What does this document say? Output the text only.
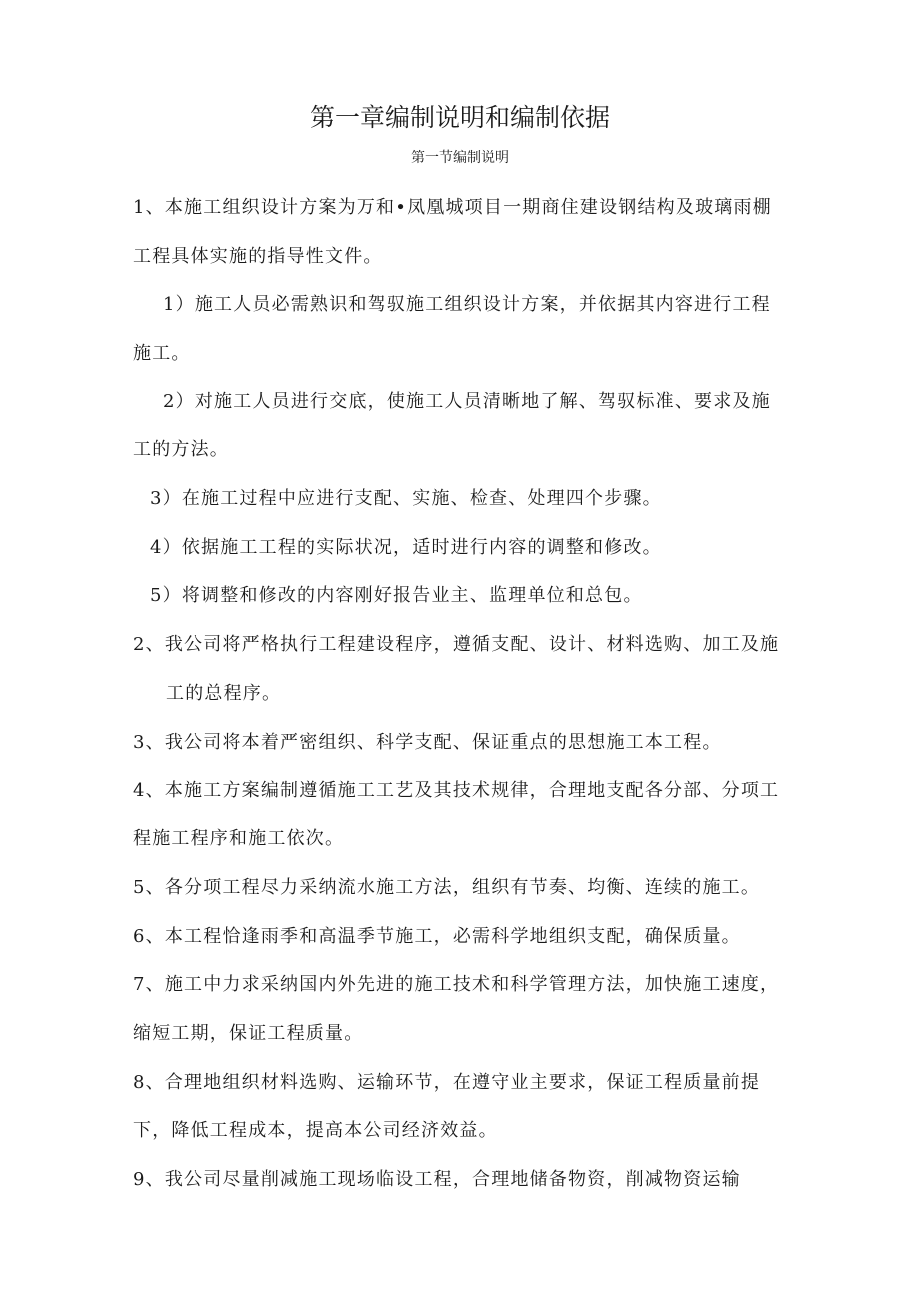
第一章编制说明和编制依据
第一节编制说明
1、本施工组织设计方案为万和•凤凰城项目一期商住建设钢结构及玻璃雨棚
工程具体实施的指导性文件。
1）施工人员必需熟识和驾驭施工组织设计方案，并依据其内容进行工程
施工。
2）对施工人员进行交底，使施工人员清晰地了解、驾驭标准、要求及施
工的方法。
3）在施工过程中应进行支配、实施、检查、处理四个步骤。
4）依据施工工程的实际状况，适时进行内容的调整和修改。
5）将调整和修改的内容刚好报告业主、监理单位和总包。
2、我公司将严格执行工程建设程序，遵循支配、设计、材料选购、加工及施
工的总程序。
3、我公司将本着严密组织、科学支配、保证重点的思想施工本工程。
4、本施工方案编制遵循施工工艺及其技术规律，合理地支配各分部、分项工
程施工程序和施工依次。
5、各分项工程尽力采纳流水施工方法，组织有节奏、均衡、连续的施工。
6、本工程恰逢雨季和高温季节施工，必需科学地组织支配，确保质量。
7、施工中力求采纳国内外先进的施工技术和科学管理方法，加快施工速度，
缩短工期，保证工程质量。
8、合理地组织材料选购、运输环节，在遵守业主要求，保证工程质量前提
下，降低工程成本，提高本公司经济效益。
9、我公司尽量削减施工现场临设工程，合理地储备物资，削减物资运输
